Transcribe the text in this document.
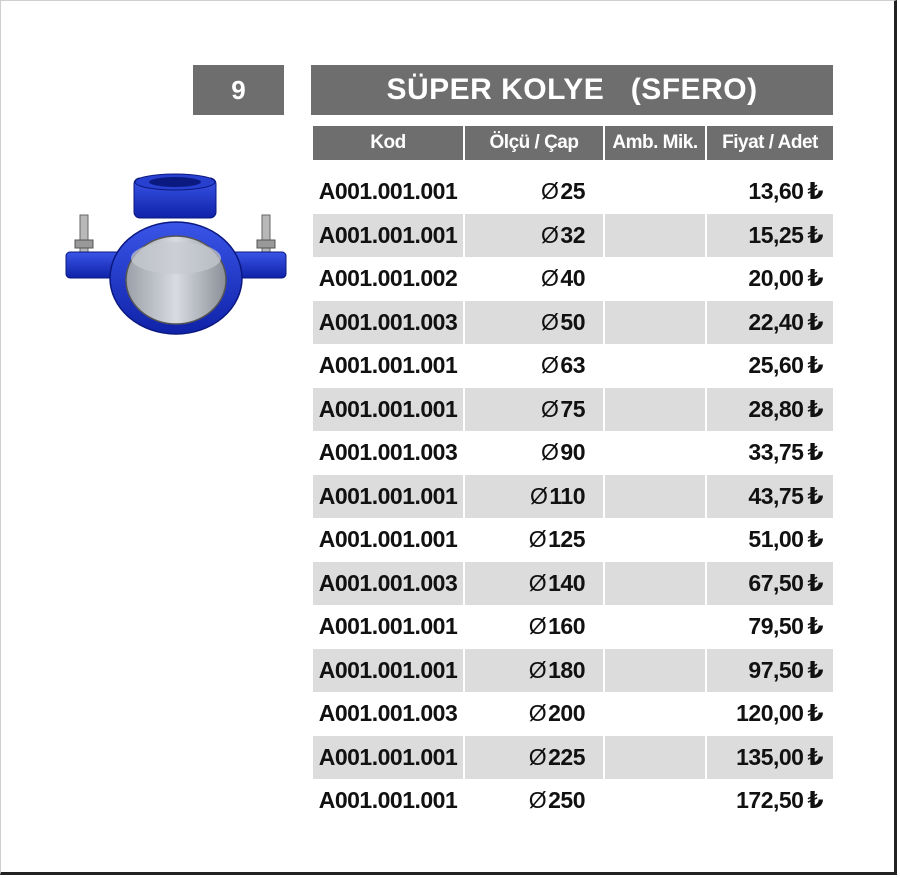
9	SÜPER KOLYE   (SFERO)
Kod	Ölçü / Çap	Amb. Mik.	Fiyat / Adet

A001.001.001	Ø25		13,60 ₺
A001.001.001	Ø32		15,25 ₺
A001.001.002	Ø40		20,00 ₺
A001.001.003	Ø50		22,40 ₺
A001.001.001	Ø63		25,60 ₺
A001.001.001	Ø75		28,80 ₺
A001.001.003	Ø90		33,75 ₺
A001.001.001	Ø110		43,75 ₺
A001.001.001	Ø125		51,00 ₺
A001.001.003	Ø140		67,50 ₺
A001.001.001	Ø160		79,50 ₺
A001.001.001	Ø180		97,50 ₺
A001.001.003	Ø200		120,00 ₺
A001.001.001	Ø225		135,00 ₺
A001.001.001	Ø250		172,50 ₺
